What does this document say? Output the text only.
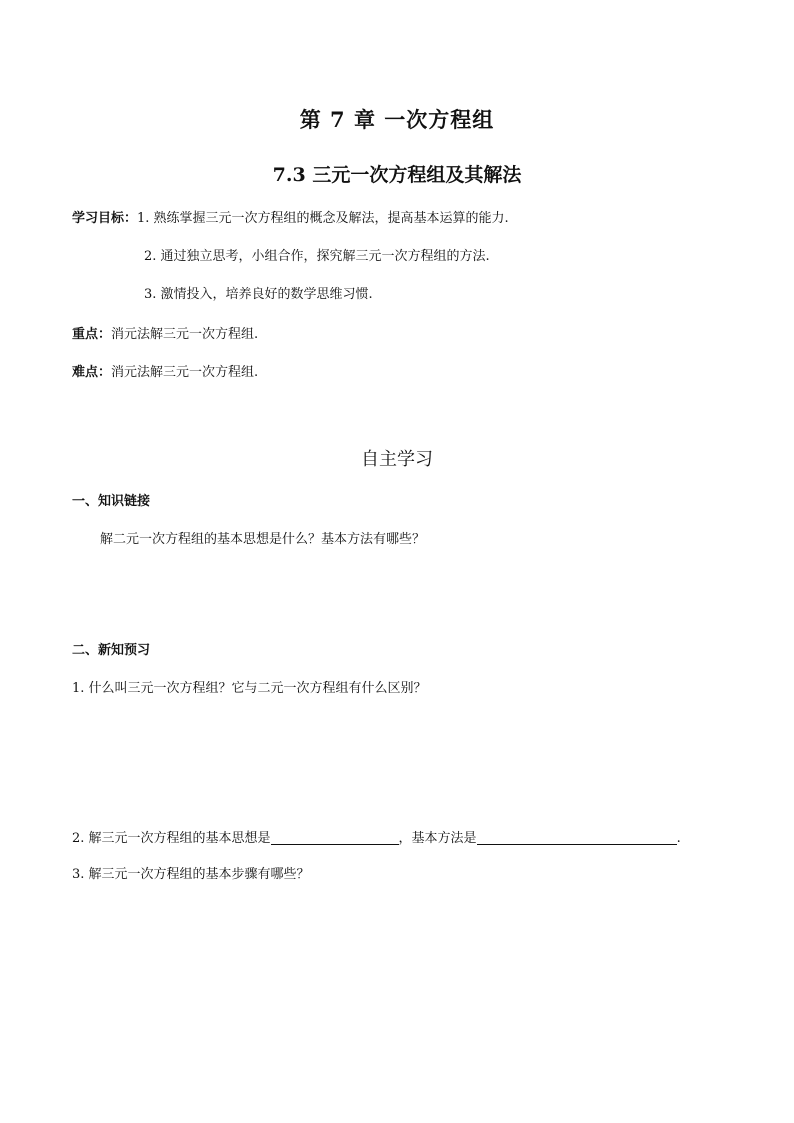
第 7 章 一次方程组
7.3 三元一次方程组及其解法
学习目标：1. 熟练掌握三元一次方程组的概念及解法，提高基本运算的能力.
2. 通过独立思考，小组合作，探究解三元一次方程组的方法.
3. 激情投入，培养良好的数学思维习惯.
重点：消元法解三元一次方程组.
难点：消元法解三元一次方程组.
自主学习
一、知识链接
解二元一次方程组的基本思想是什么？基本方法有哪些？
二、新知预习
1. 什么叫三元一次方程组？它与二元一次方程组有什么区别？
2. 解三元一次方程组的基本思想是	，基本方法是	.
3. 解三元一次方程组的基本步骤有哪些？
